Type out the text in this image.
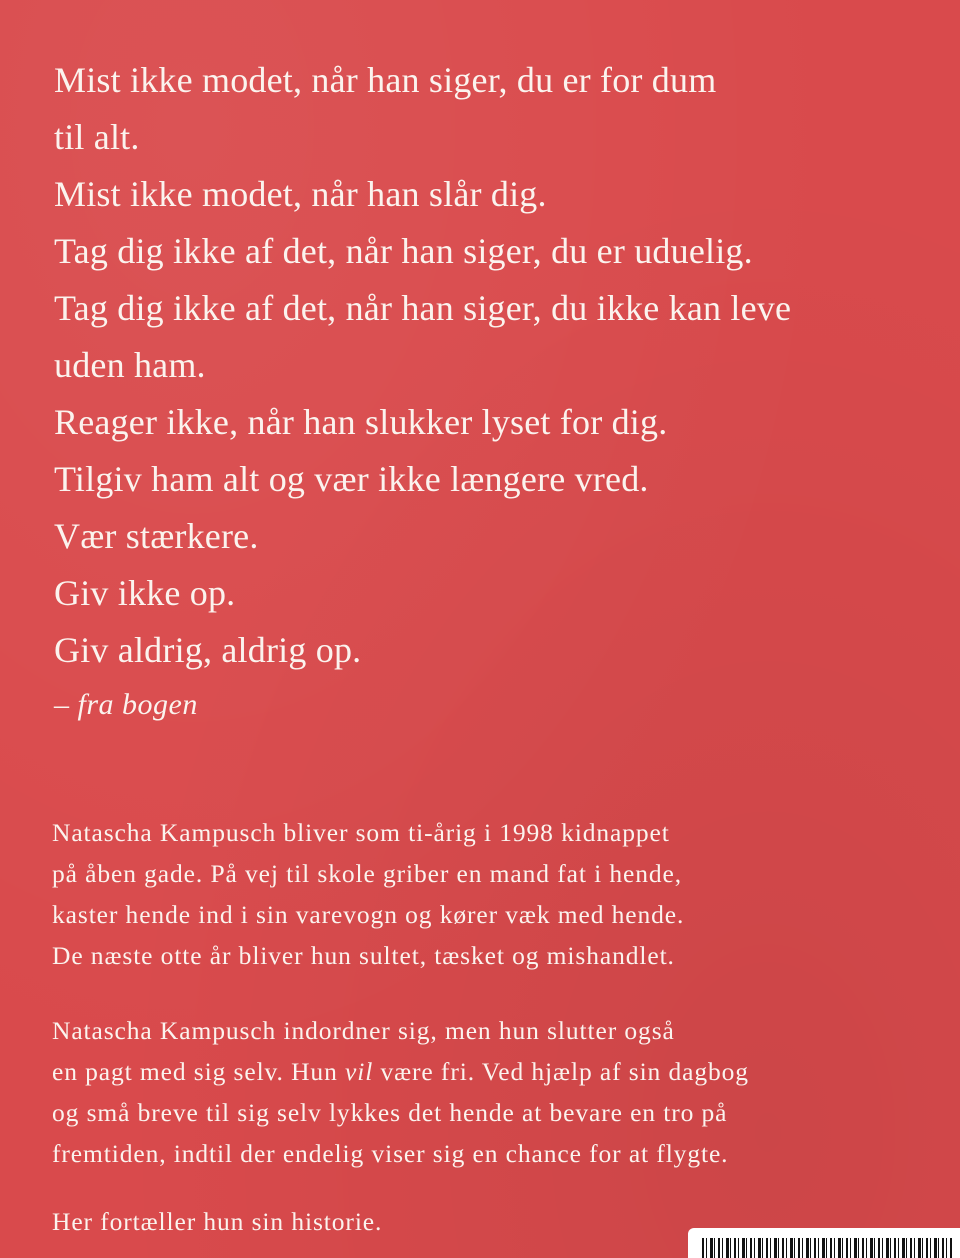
Mist ikke modet, når han siger, du er for dum
til alt.
Mist ikke modet, når han slår dig.
Tag dig ikke af det, når han siger, du er uduelig.
Tag dig ikke af det, når han siger, du ikke kan leve
uden ham.
Reager ikke, når han slukker lyset for dig.
Tilgiv ham alt og vær ikke længere vred.
Vær stærkere.
Giv ikke op.
Giv aldrig, aldrig op.
– fra bogen
Natascha Kampusch bliver som ti-årig i 1998 kidnappet
på åben gade. På vej til skole griber en mand fat i hende,
kaster hende ind i sin varevogn og kører væk med hende.
De næste otte år bliver hun sultet, tæsket og mishandlet.
Natascha Kampusch indordner sig, men hun slutter også
en pagt med sig selv. Hun vil være fri. Ved hjælp af sin dagbog
og små breve til sig selv lykkes det hende at bevare en tro på
fremtiden, indtil der endelig viser sig en chance for at flygte.
Her fortæller hun sin historie.
